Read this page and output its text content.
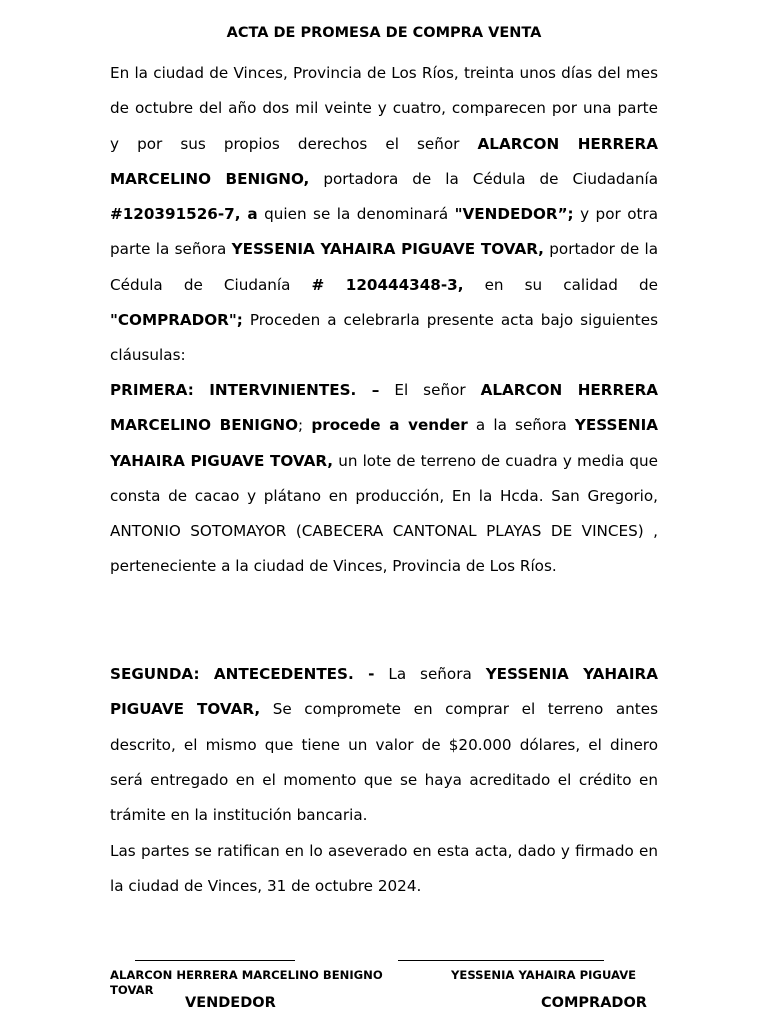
ACTA DE PROMESA DE COMPRA VENTA

En la ciudad de Vinces, Provincia de Los Ríos, treinta unos días del mes de octubre del año dos mil veinte y cuatro, comparecen por una parte y por sus propios derechos el señor ALARCON HERRERA MARCELINO BENIGNO, portadora de la Cédula de Ciudadanía #120391526-7, a quien se la denominará "VENDEDOR”; y por otra parte la señora YESSENIA YAHAIRA PIGUAVE TOVAR, portador de la Cédula de Ciudanía # 120444348-3, en su calidad de "COMPRADOR"; Proceden a celebrarla presente acta bajo siguientes cláusulas:

PRIMERA: INTERVINIENTES. – El señor ALARCON HERRERA MARCELINO BENIGNO; procede a vender a la señora YESSENIA YAHAIRA PIGUAVE TOVAR, un lote de terreno de cuadra y media que consta de cacao y plátano en producción, En la Hcda. San Gregorio, ANTONIO SOTOMAYOR (CABECERA CANTONAL PLAYAS DE VINCES) , perteneciente a la ciudad de Vinces, Provincia de Los Ríos.

SEGUNDA: ANTECEDENTES. - La señora YESSENIA YAHAIRA PIGUAVE TOVAR, Se compromete en comprar el terreno antes descrito, el mismo que tiene un valor de $20.000 dólares, el dinero será entregado en el momento que se haya acreditado el crédito en trámite en la institución bancaria.

Las partes se ratifican en lo aseverado en esta acta, dado y firmado en la ciudad de Vinces, 31 de octubre 2024.

ALARCON HERRERA MARCELINO BENIGNO TOVAR
YESSENIA YAHAIRA PIGUAVE
VENDEDOR	COMPRADOR
